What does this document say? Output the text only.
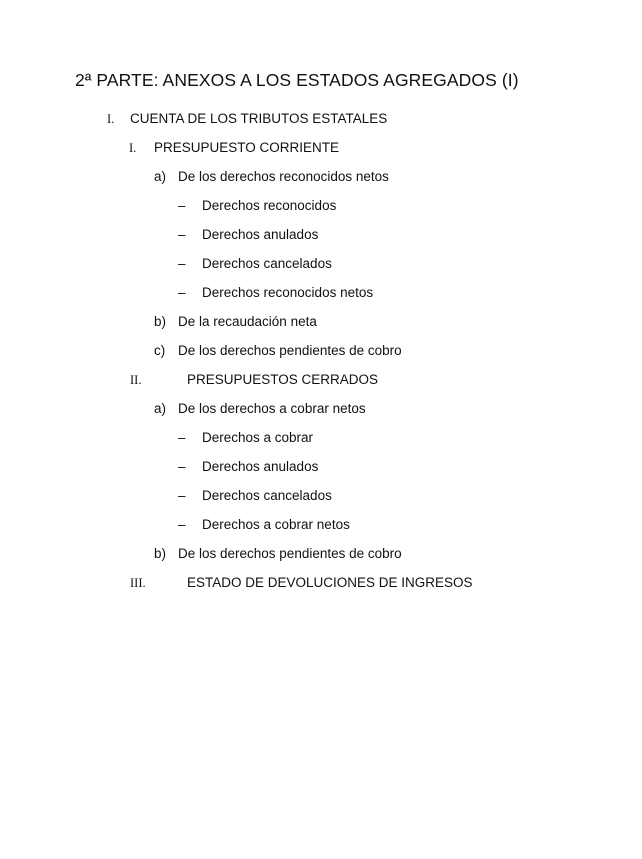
2ª PARTE: ANEXOS A LOS ESTADOS AGREGADOS (I)
I. CUENTA DE LOS TRIBUTOS ESTATALES
I. PRESUPUESTO CORRIENTE
a) De los derechos reconocidos netos
– Derechos reconocidos
– Derechos anulados
– Derechos cancelados
– Derechos reconocidos netos
b) De la recaudación neta
c) De los derechos pendientes de cobro
II.	PRESUPUESTOS CERRADOS
a) De los derechos a cobrar netos
– Derechos a cobrar
– Derechos anulados
– Derechos cancelados
– Derechos a cobrar netos
b) De los derechos pendientes de cobro
III.	ESTADO DE DEVOLUCIONES DE INGRESOS
